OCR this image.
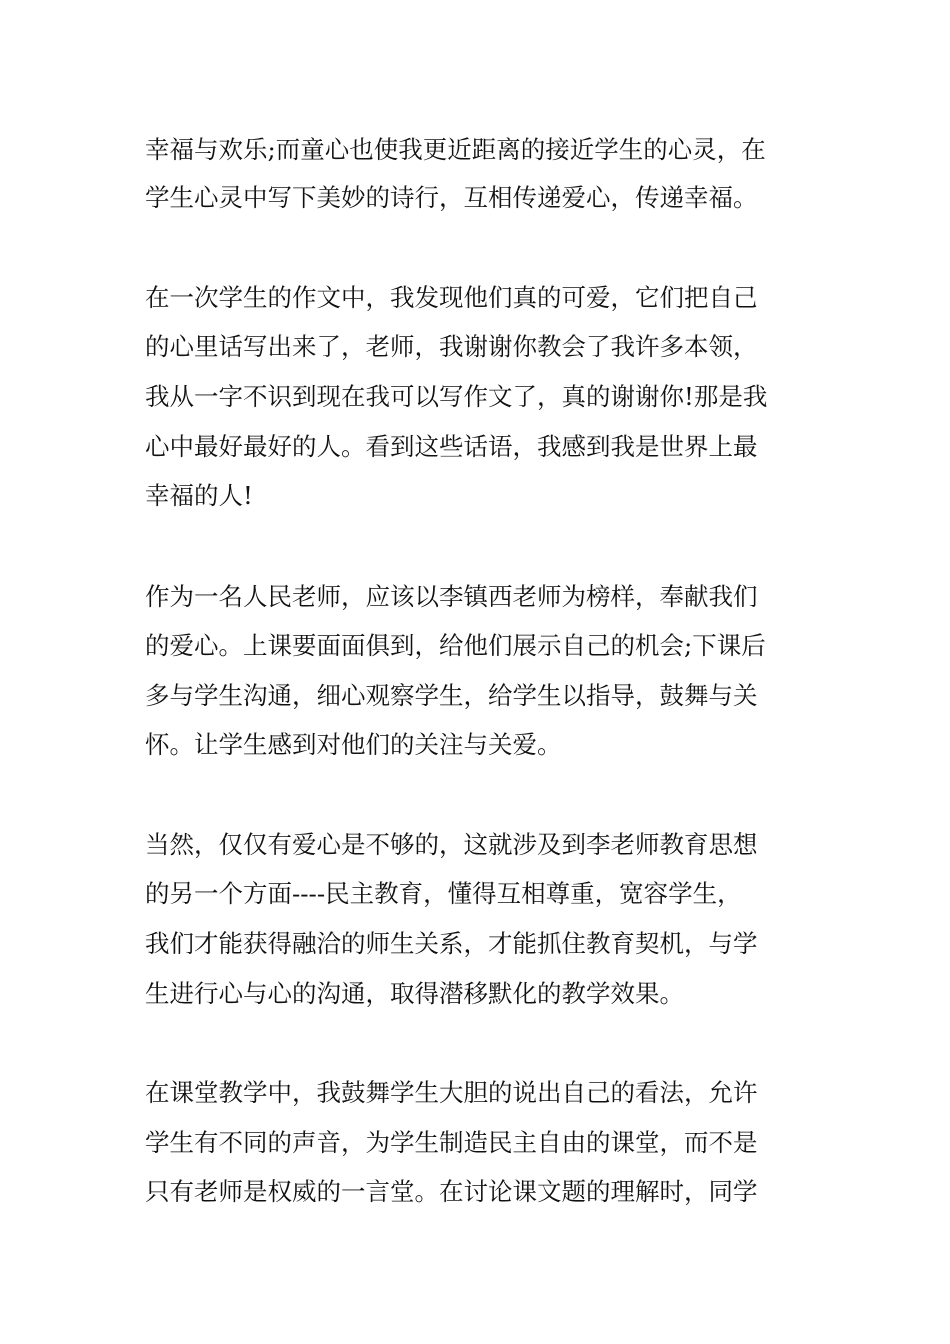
幸福与欢乐;而童心也使我更近距离的接近学生的心灵，在
学生心灵中写下美妙的诗行，互相传递爱心，传递幸福。
在一次学生的作文中，我发现他们真的可爱，它们把自己
的心里话写出来了，老师，我谢谢你教会了我许多本领，
我从一字不识到现在我可以写作文了，真的谢谢你!那是我
心中最好最好的人。看到这些话语，我感到我是世界上最
幸福的人!
作为一名人民老师，应该以李镇西老师为榜样，奉献我们
的爱心。上课要面面俱到，给他们展示自己的机会;下课后
多与学生沟通，细心观察学生，给学生以指导，鼓舞与关
怀。让学生感到对他们的关注与关爱。
当然，仅仅有爱心是不够的，这就涉及到李老师教育思想
的另一个方面----民主教育，懂得互相尊重，宽容学生，
我们才能获得融洽的师生关系，才能抓住教育契机，与学
生进行心与心的沟通，取得潜移默化的教学效果。
在课堂教学中，我鼓舞学生大胆的说出自己的看法，允许
学生有不同的声音，为学生制造民主自由的课堂，而不是
只有老师是权威的一言堂。在讨论课文题的理解时，同学
